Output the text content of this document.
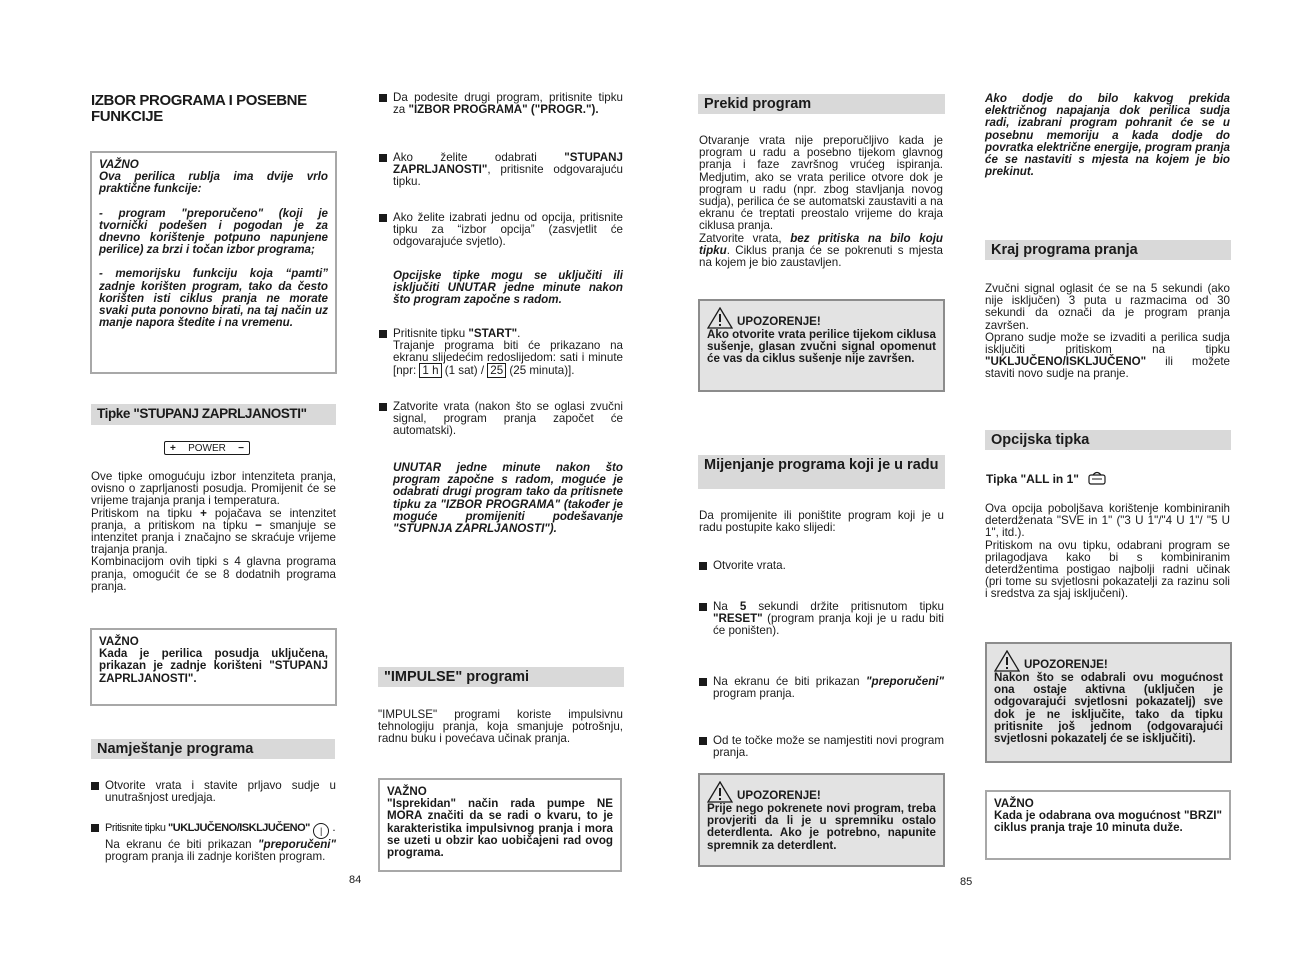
IZBOR PROGRAMA I POSEBNE FUNKCIJE
VAŽNO
Ova perilica rublja ima dvije vrlo praktične funkcije:
- program "preporučeno" (koji je tvornički podešen i pogodan je za dnevno korištenje potpuno napunjene perilice) za brzi i točan izbor programa;
- memorijsku funkciju koja “pamti” zadnje korišten program, tako da često korišten isti ciklus pranja ne morate svaki puta ponovno birati, na taj način uz manje napora štedite i na vremenu.
Tipke "STUPANJ ZAPRLJANOSTI"
+ POWER −
Ove tipke omogućuju izbor intenziteta pranja, ovisno o zaprljanosti posudja. Promijenit će se vrijeme trajanja pranja i temperatura.
Pritiskom na tipku + pojačava se intenzitet pranja, a pritiskom na tipku − smanjuje se intenzitet pranja i značajno se skraćuje vrijeme trajanja pranja.
Kombinacijom ovih tipki s 4 glavna programa pranja, omogućit će se 8 dodatnih programa pranja.
VAŽNO
Kada je perilica posudja uključena, prikazan je zadnje korišteni "STUPANJ ZAPRLJANOSTI".
Namještanje programa
Otvorite vrata i stavite prljavo sudje u unutrašnjost uredjaja.
Pritisnite tipku "UKLJUČENO/ISKLJUČENO" | .
Na ekranu će biti prikazan "preporučeni" program pranja ili zadnje korišten program.
84
Da podesite drugi program, pritisnite tipku za "IZBOR PROGRAMA" ("PROGR.").
Ako želite odabrati "STUPANJ ZAPRLJANOSTI", pritisnite odgovarajuću tipku.
Ako želite izabrati jednu od opcija, pritisnite tipku za “izbor opcija” (zasvjetlit će odgovarajuće svjetlo).
Opcijske tipke mogu se uključiti ili isključiti UNUTAR jedne minute nakon što program započne s radom.
Pritisnite tipku "START".
Trajanje programa biti će prikazano na ekranu slijedećim redoslijedom: sati i minute [npr: 1 h (1 sat) / 25 (25 minuta)].
Zatvorite vrata (nakon što se oglasi zvučni signal, program pranja započet će automatski).
UNUTAR jedne minute nakon što program započne s radom, moguće je odabrati drugi program tako da pritisnete tipku za "IZBOR PROGRAMA" (također je moguće promijeniti podešavanje "STUPNJA ZAPRLJANOSTI").
"IMPULSE" programi
"IMPULSE" programi koriste impulsivnu tehnologiju pranja, koja smanjuje potrošnju, radnu buku i povećava učinak pranja.
VAŽNO
"Isprekidan" način rada pumpe NE MORA značiti da se radi o kvaru, to je karakteristika impulsivnog pranja i mora se uzeti u obzir kao uobičajeni rad ovog programa.
Prekid program
Otvaranje vrata nije preporučljivo kada je program u radu a posebno tijekom glavnog pranja i faze završnog vrućeg ispiranja. Medjutim, ako se vrata perilice otvore dok je program u radu (npr. zbog stavljanja novog sudja), perilica će se automatski zaustaviti a na ekranu će treptati preostalo vrijeme do kraja ciklusa pranja.
Zatvorite vrata, bez pritiska na bilo koju tipku. Ciklus pranja će se pokrenuti s mjesta na kojem je bio zaustavljen.
UPOZORENJE!
Ako otvorite vrata perilice tijekom ciklusa sušenje, glasan zvučni signal opomenut će vas da ciklus sušenje nije završen.
Mijenjanje programa koji je u radu
Da promijenite ili poništite program koji je u radu postupite kako slijedi:
Otvorite vrata.
Na 5 sekundi držite pritisnutom tipku "RESET" (program pranja koji je u radu biti će poništen).
Na ekranu će biti prikazan "preporučeni" program pranja.
Od te točke može se namjestiti novi program pranja.
UPOZORENJE!
Prije nego pokrenete novi program, treba provjeriti da li je u spremniku ostalo deterdlenta. Ako je potrebno, napunite spremnik za deterdlent.
Ako dodje do bilo kakvog prekida električnog napajanja dok perilica sudja radi, izabrani program pohranit će se u posebnu memoriju a kada dodje do povratka električne energije, program pranja će se nastaviti s mjesta na kojem je bio prekinut.
Kraj programa pranja
Zvučni signal oglasit će se na 5 sekundi (ako nije isključen) 3 puta u razmacima od 30 sekundi da označi da je program pranja završen.
Oprano sudje može se izvaditi a perilica sudja isključiti pritiskom na tipku "UKLJUČENO/ISKLJUČENO" ili možete staviti novo sudje na pranje.
Opcijska tipka
Tipka "ALL in 1"
Ova opcija poboljšava korištenje kombiniranih deterdženata "SVE in 1" ("3 U 1"/"4 U 1"/ "5 U 1", itd.).
Pritiskom na ovu tipku, odabrani program se prilagodjava kako bi s kombiniranim deterdžentima postigao najbolji radni učinak (pri tome su svjetlosni pokazatelji za razinu soli i sredstva za sjaj isključeni).
UPOZORENJE!
Nakon što se odabrali ovu mogućnost ona ostaje aktivna (uključen je odgovarajući svjetlosni pokazatelj) sve dok je ne isključite, tako da tipku pritisnite još jednom (odgovarajući svjetlosni pokazatelj će se isključiti).
VAŽNO
Kada je odabrana ova mogućnost "BRZI" ciklus pranja traje 10 minuta duže.
85
